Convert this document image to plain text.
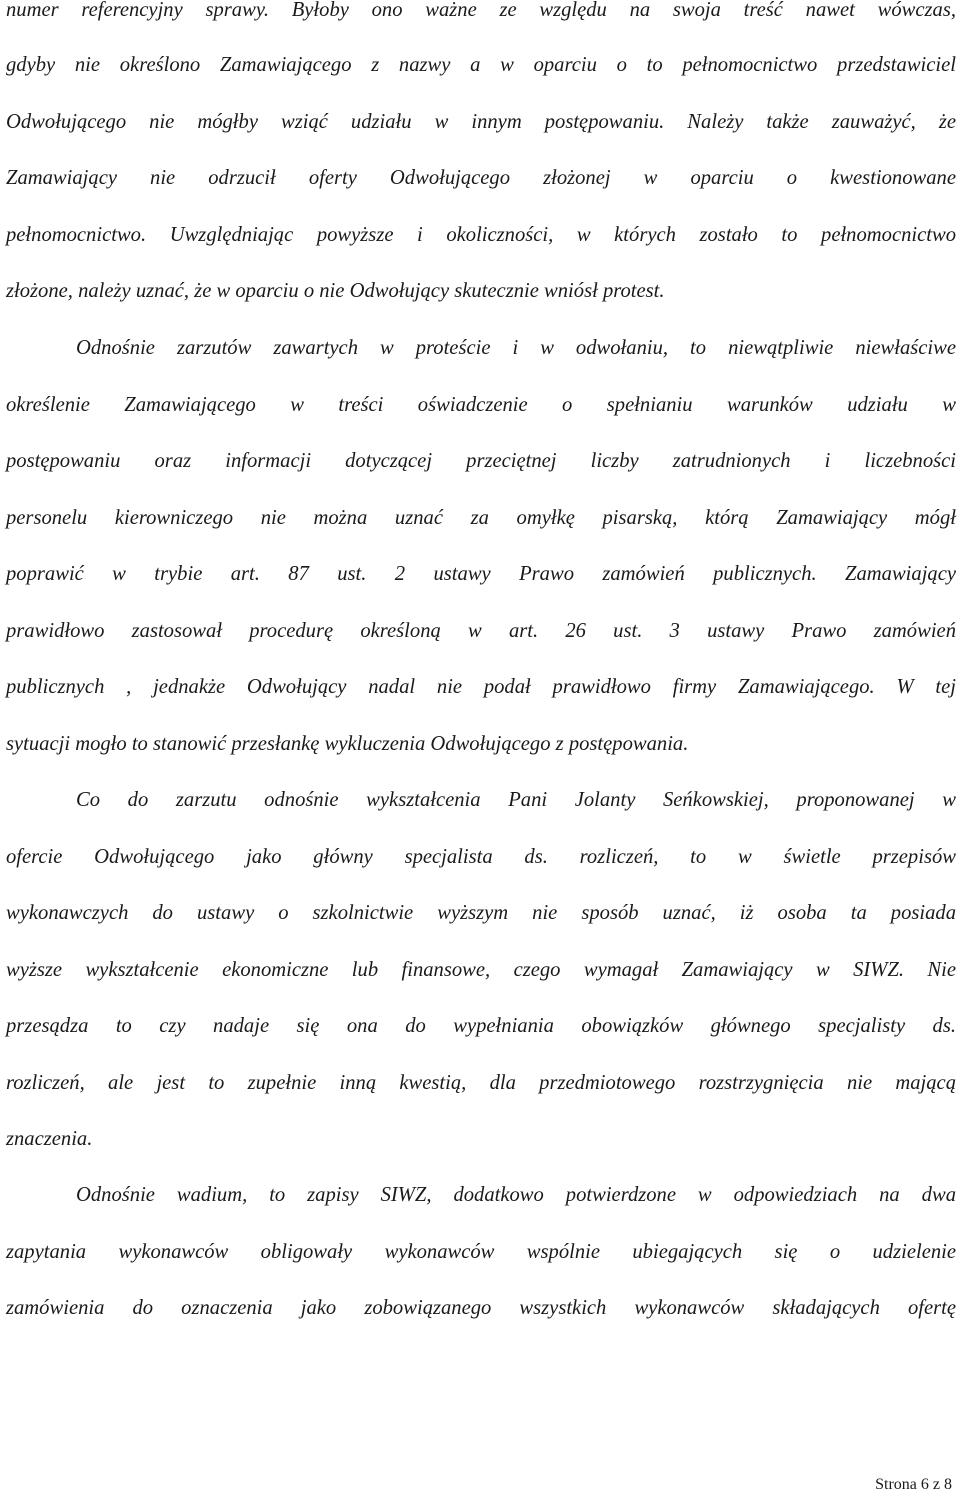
numer referencyjny sprawy. Byłoby ono ważne ze względu na swoja treść nawet wówczas,
gdyby nie określono Zamawiającego z nazwy a w oparciu o to pełnomocnictwo przedstawiciel
Odwołującego nie mógłby wziąć udziału w innym postępowaniu. Należy także zauważyć, że
Zamawiający nie odrzucił oferty Odwołującego złożonej w oparciu o kwestionowane
pełnomocnictwo. Uwzględniając powyższe i okoliczności, w których zostało to pełnomocnictwo
złożone, należy uznać, że w oparciu o nie Odwołujący skutecznie wniósł protest.
Odnośnie zarzutów zawartych w proteście i w odwołaniu, to niewątpliwie niewłaściwe
określenie Zamawiającego w treści oświadczenie o spełnianiu warunków udziału w
postępowaniu oraz informacji dotyczącej przeciętnej liczby zatrudnionych i liczebności
personelu kierowniczego nie można uznać za omyłkę pisarską, którą Zamawiający mógł
poprawić w trybie art. 87 ust. 2 ustawy Prawo zamówień publicznych. Zamawiający
prawidłowo zastosował procedurę określoną w art. 26 ust. 3 ustawy Prawo zamówień
publicznych , jednakże Odwołujący nadal nie podał prawidłowo firmy Zamawiającego. W tej
sytuacji mogło to stanowić przesłankę wykluczenia Odwołującego z postępowania.
Co do zarzutu odnośnie wykształcenia Pani Jolanty Seńkowskiej, proponowanej w
ofercie Odwołującego jako główny specjalista ds. rozliczeń, to w świetle przepisów
wykonawczych do ustawy o szkolnictwie wyższym nie sposób uznać, iż osoba ta posiada
wyższe wykształcenie ekonomiczne lub finansowe, czego wymagał Zamawiający w SIWZ. Nie
przesądza to czy nadaje się ona do wypełniania obowiązków głównego specjalisty ds.
rozliczeń, ale jest to zupełnie inną kwestią, dla przedmiotowego rozstrzygnięcia nie mającą
znaczenia.
Odnośnie wadium, to zapisy SIWZ, dodatkowo potwierdzone w odpowiedziach na dwa
zapytania wykonawców obligowały wykonawców wspólnie ubiegających się o udzielenie
zamówienia do oznaczenia jako zobowiązanego wszystkich wykonawców składających ofertę
Strona 6 z 8
